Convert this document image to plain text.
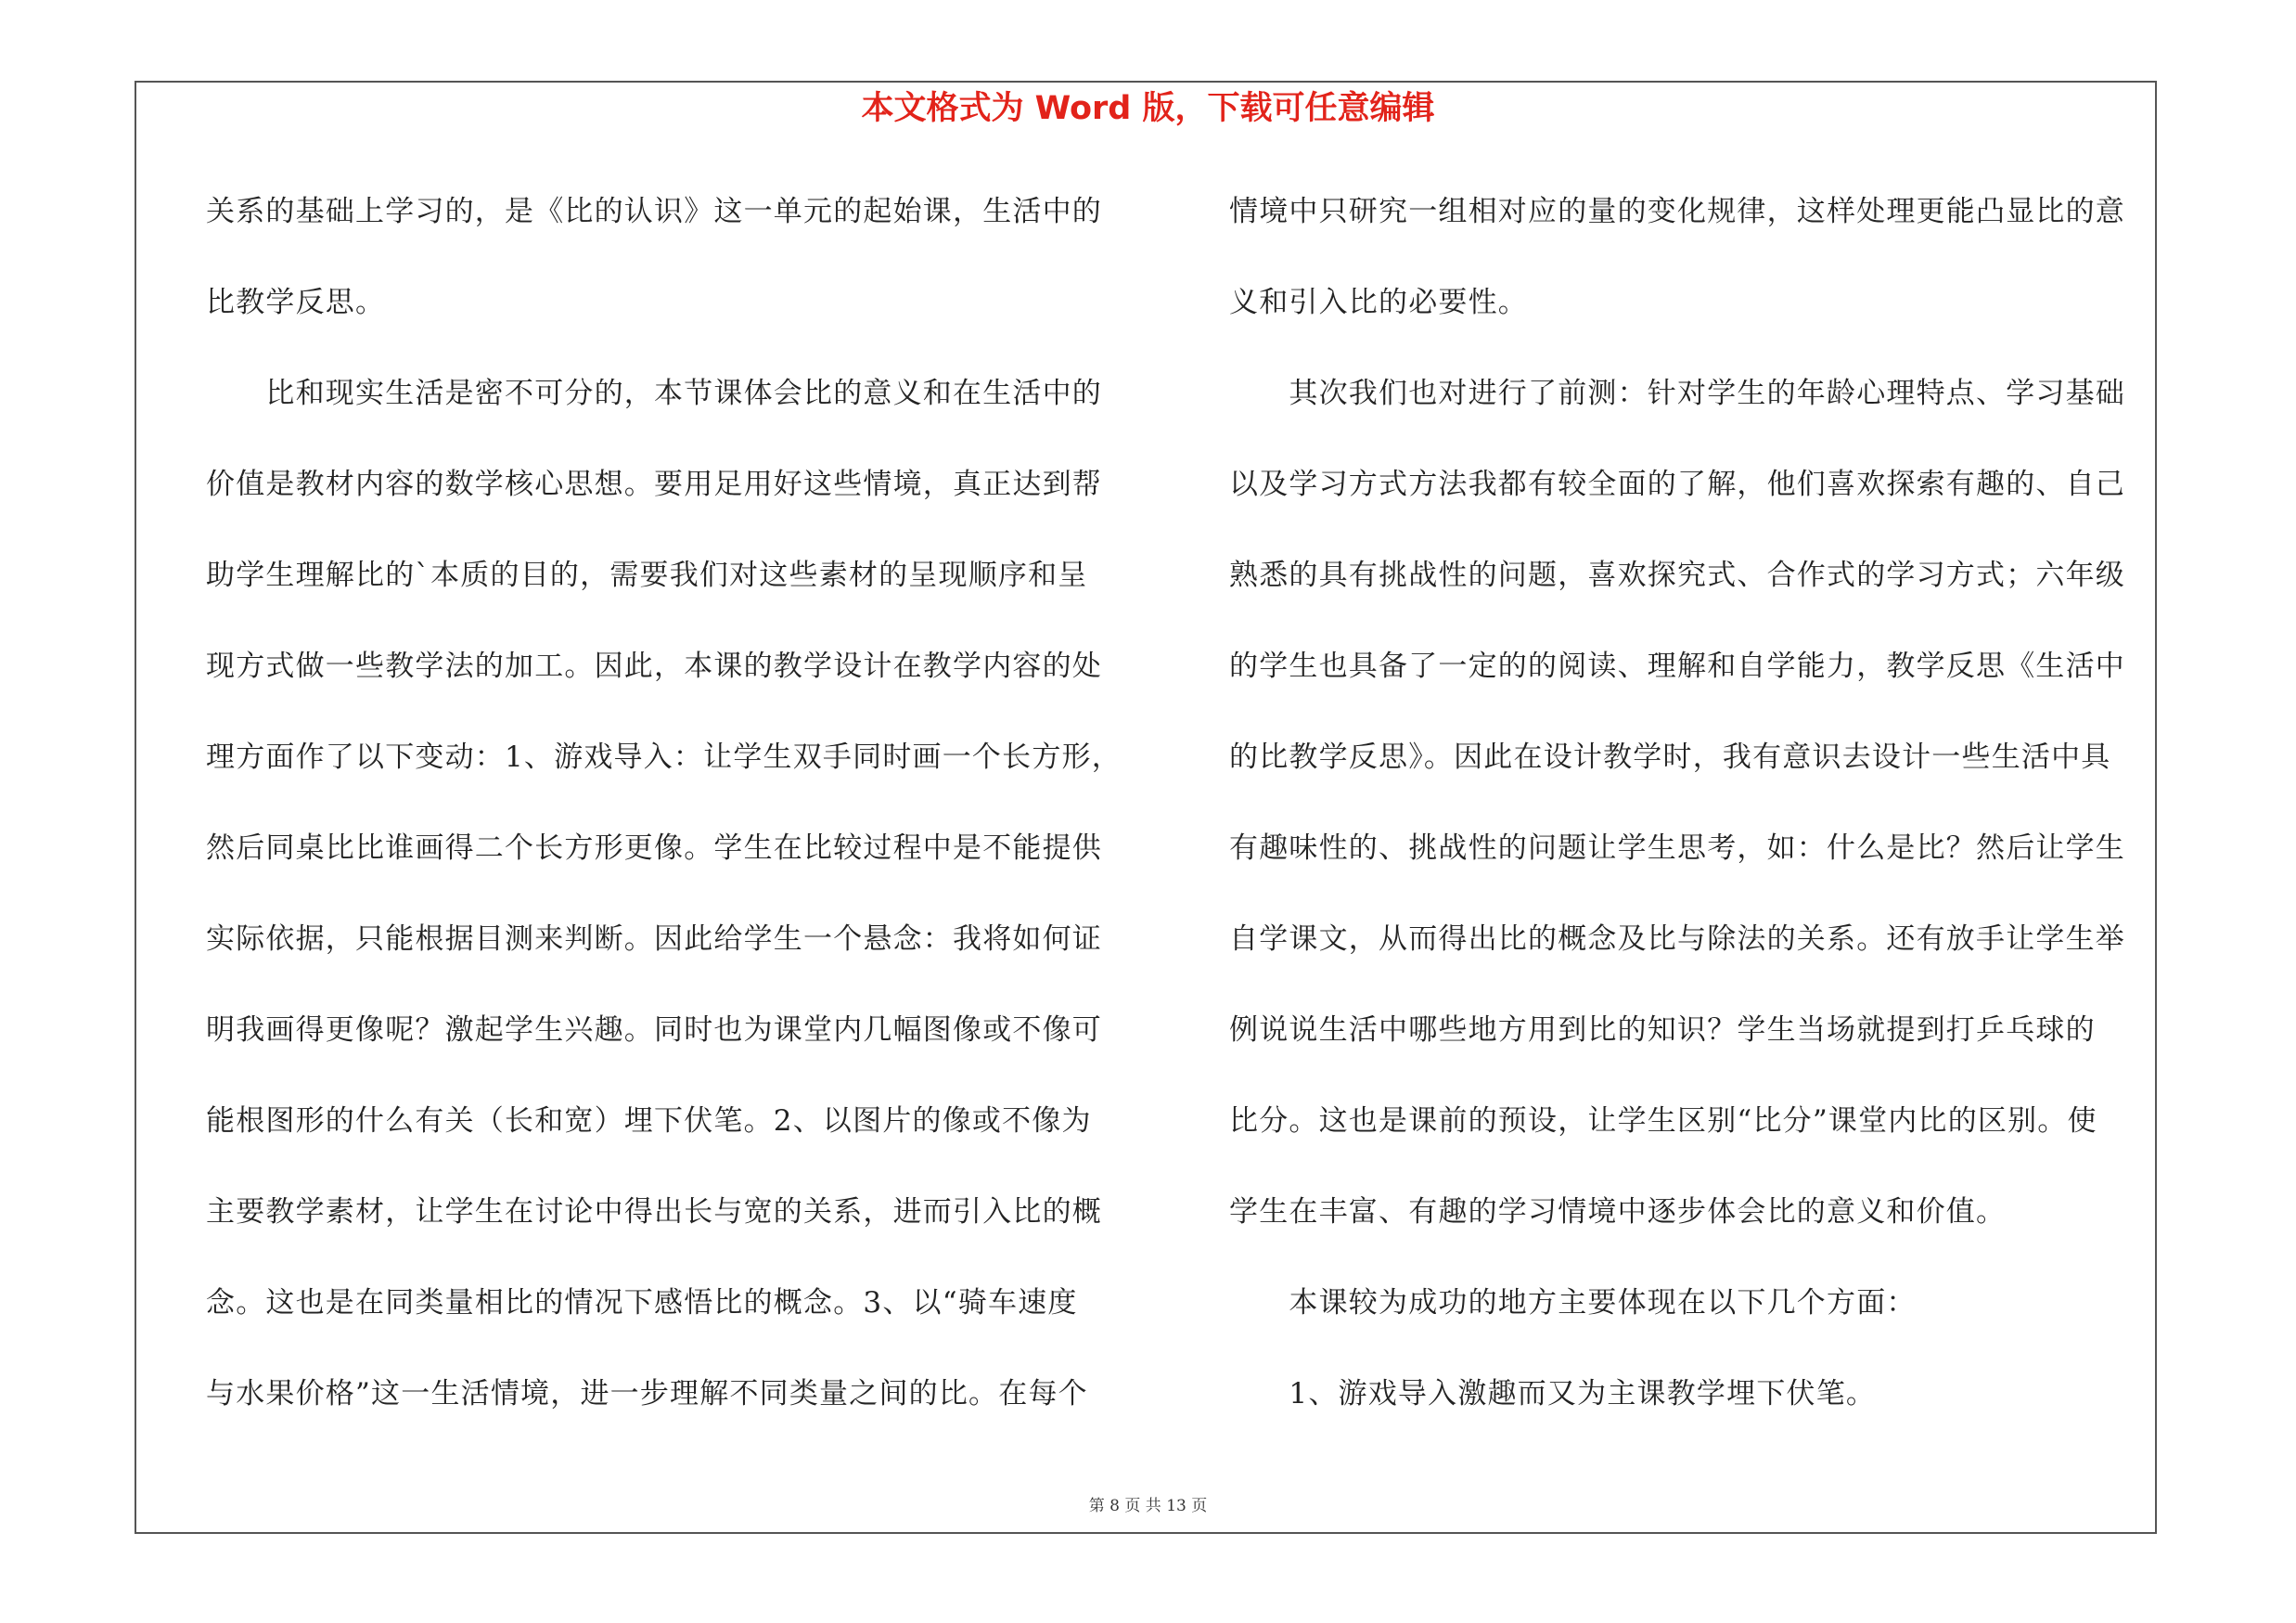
本文格式为 Word 版，下载可任意编辑
关系的基础上学习的，是《比的认识》这一单元的起始课，生活中的
比教学反思。
　　比和现实生活是密不可分的，本节课体会比的意义和在生活中的
价值是教材内容的数学核心思想。要用足用好这些情境，真正达到帮
助学生理解比的`本质的目的，需要我们对这些素材的呈现顺序和呈
现方式做一些教学法的加工。因此，本课的教学设计在教学内容的处
理方面作了以下变动：1、游戏导入：让学生双手同时画一个长方形，
然后同桌比比谁画得二个长方形更像。学生在比较过程中是不能提供
实际依据，只能根据目测来判断。因此给学生一个悬念：我将如何证
明我画得更像呢？激起学生兴趣。同时也为课堂内几幅图像或不像可
能根图形的什么有关（长和宽）埋下伏笔。2、以图片的像或不像为
主要教学素材，让学生在讨论中得出长与宽的关系，进而引入比的概
念。这也是在同类量相比的情况下感悟比的概念。3、以“骑车速度
与水果价格”这一生活情境，进一步理解不同类量之间的比。在每个
情境中只研究一组相对应的量的变化规律，这样处理更能凸显比的意
义和引入比的必要性。
　　其次我们也对进行了前测：针对学生的年龄心理特点、学习基础
以及学习方式方法我都有较全面的了解，他们喜欢探索有趣的、自己
熟悉的具有挑战性的问题，喜欢探究式、合作式的学习方式；六年级
的学生也具备了一定的的阅读、理解和自学能力，教学反思《生活中
的比教学反思》。因此在设计教学时，我有意识去设计一些生活中具
有趣味性的、挑战性的问题让学生思考，如：什么是比？然后让学生
自学课文，从而得出比的概念及比与除法的关系。还有放手让学生举
例说说生活中哪些地方用到比的知识？学生当场就提到打乒乓球的
比分。这也是课前的预设，让学生区别“比分”课堂内比的区别。使
学生在丰富、有趣的学习情境中逐步体会比的意义和价值。
　　本课较为成功的地方主要体现在以下几个方面：
　　1、游戏导入激趣而又为主课教学埋下伏笔。
第 8 页 共 13 页
